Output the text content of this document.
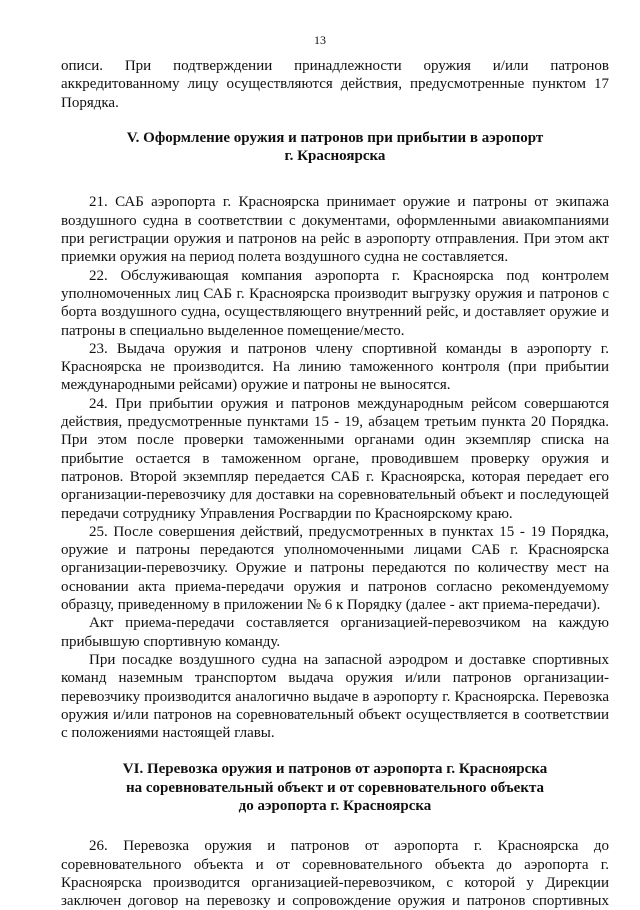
13

описи. При подтверждении принадлежности оружия и/или патронов аккредитованному лицу осуществляются действия, предусмотренные пунктом 17 Порядка.

V. Оформление оружия и патронов при прибытии в аэропорт
г. Красноярска

21. САБ аэропорта г. Красноярска принимает оружие и патроны от экипажа воздушного судна в соответствии с документами, оформленными авиакомпаниями при регистрации оружия и патронов на рейс в аэропорту отправления. При этом акт приемки оружия на период полета воздушного судна не составляется.

22. Обслуживающая компания аэропорта г. Красноярска под контролем уполномоченных лиц САБ г. Красноярска производит выгрузку оружия и патронов с борта воздушного судна, осуществляющего внутренний рейс, и доставляет оружие и патроны в специально выделенное помещение/место.

23. Выдача оружия и патронов члену спортивной команды в аэропорту г. Красноярска не производится. На линию таможенного контроля (при прибытии международными рейсами) оружие и патроны не выносятся.

24. При прибытии оружия и патронов международным рейсом совершаются действия, предусмотренные пунктами 15 - 19, абзацем третьим пункта 20 Порядка. При этом после проверки таможенными органами один экземпляр списка на прибытие остается в таможенном органе, проводившем проверку оружия и патронов. Второй экземпляр передается САБ г. Красноярска, которая передает его организации-перевозчику для доставки на соревновательный объект и последующей передачи сотруднику Управления Росгвардии по Красноярскому краю.

25. После совершения действий, предусмотренных в пунктах 15 - 19 Порядка, оружие и патроны передаются уполномоченными лицами САБ г. Красноярска организации-перевозчику. Оружие и патроны передаются по количеству мест на основании акта приема-передачи оружия и патронов согласно рекомендуемому образцу, приведенному в приложении № 6 к Порядку (далее - акт приема-передачи).

Акт приема-передачи составляется организацией-перевозчиком на каждую прибывшую спортивную команду.

При посадке воздушного судна на запасной аэродром и доставке спортивных команд наземным транспортом выдача оружия и/или патронов организации-перевозчику производится аналогично выдаче в аэропорту г. Красноярска. Перевозка оружия и/или патронов на соревновательный объект осуществляется в соответствии с положениями настоящей главы.

VI. Перевозка оружия и патронов от аэропорта г. Красноярска
на соревновательный объект и от соревновательного объекта
до аэропорта г. Красноярска

26. Перевозка оружия и патронов от аэропорта г. Красноярска до соревновательного объекта и от соревновательного объекта до аэропорта г. Красноярска производится организацией-перевозчиком, с которой у Дирекции заключен договор на перевозку и сопровождение оружия и патронов спортивных
